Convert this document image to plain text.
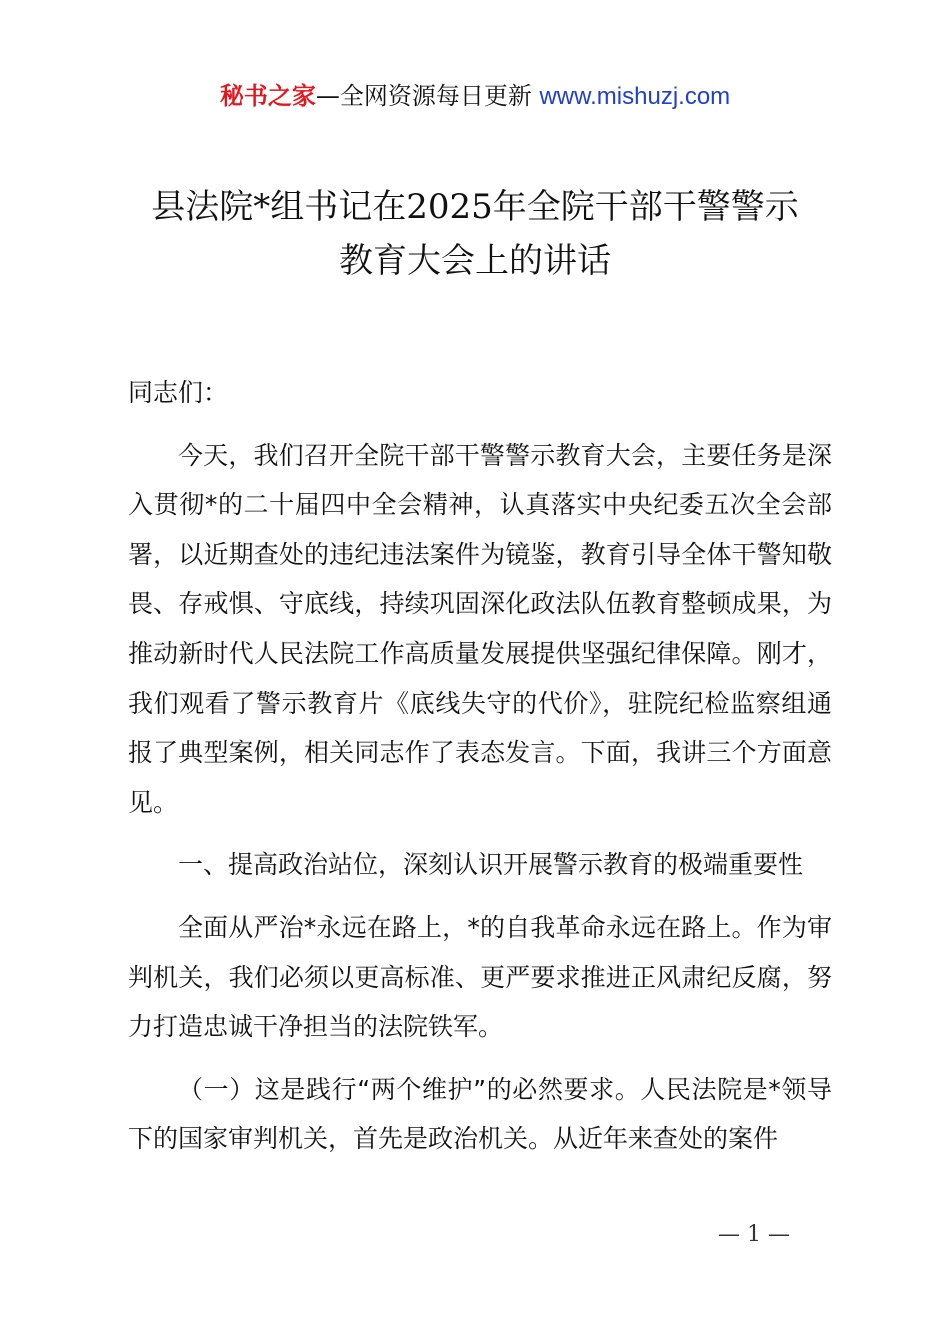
秘书之家—全网资源每日更新 www.mishuzj.com
县法院*组书记在2025年全院干部干警警示
教育大会上的讲话

同志们：

今天，我们召开全院干部干警警示教育大会，主要任务是深入贯彻*的二十届四中全会精神，认真落实中央纪委五次全会部署，以近期查处的违纪违法案件为镜鉴，教育引导全体干警知敬畏、存戒惧、守底线，持续巩固深化政法队伍教育整顿成果，为推动新时代人民法院工作高质量发展提供坚强纪律保障。刚才，我们观看了警示教育片《底线失守的代价》，驻院纪检监察组通报了典型案例，相关同志作了表态发言。下面，我讲三个方面意见。

一、提高政治站位，深刻认识开展警示教育的极端重要性

全面从严治*永远在路上，*的自我革命永远在路上。作为审判机关，我们必须以更高标准、更严要求推进正风肃纪反腐，努力打造忠诚干净担当的法院铁军。

（一）这是践行“两个维护”的必然要求。人民法院是*领导下的国家审判机关，首先是政治机关。从近年来查处的案件

— 1 —
